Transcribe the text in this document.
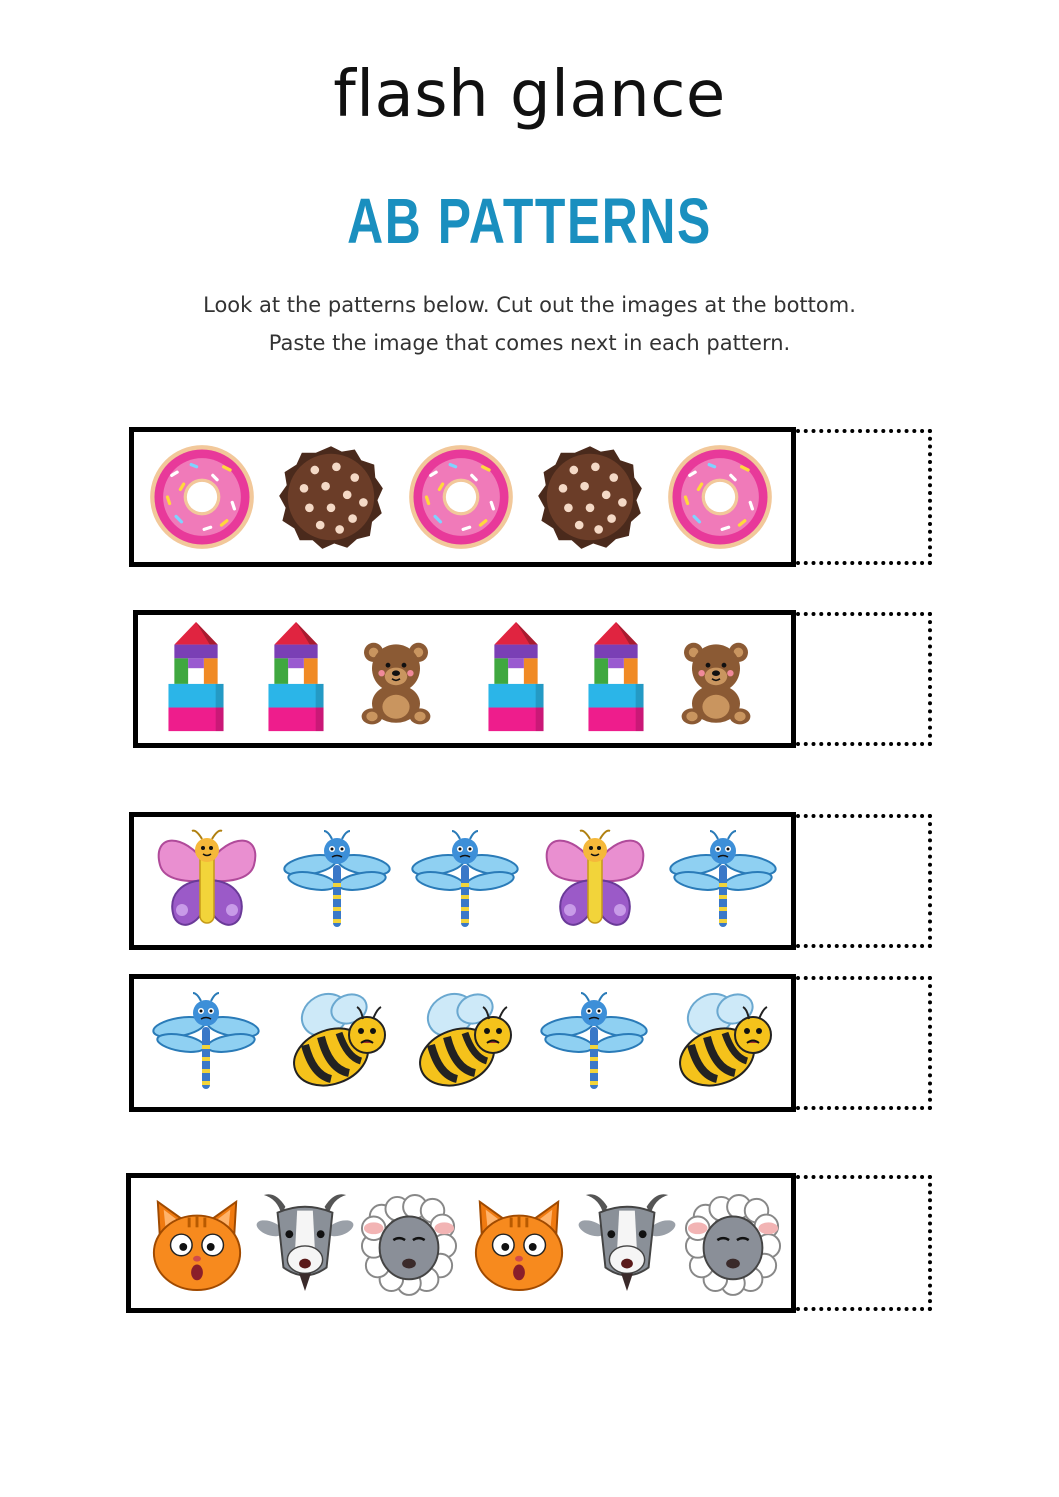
flash glance
AB PATTERNS
Look at the patterns below. Cut out the images at the bottom.
Paste the image that comes next in each pattern.
